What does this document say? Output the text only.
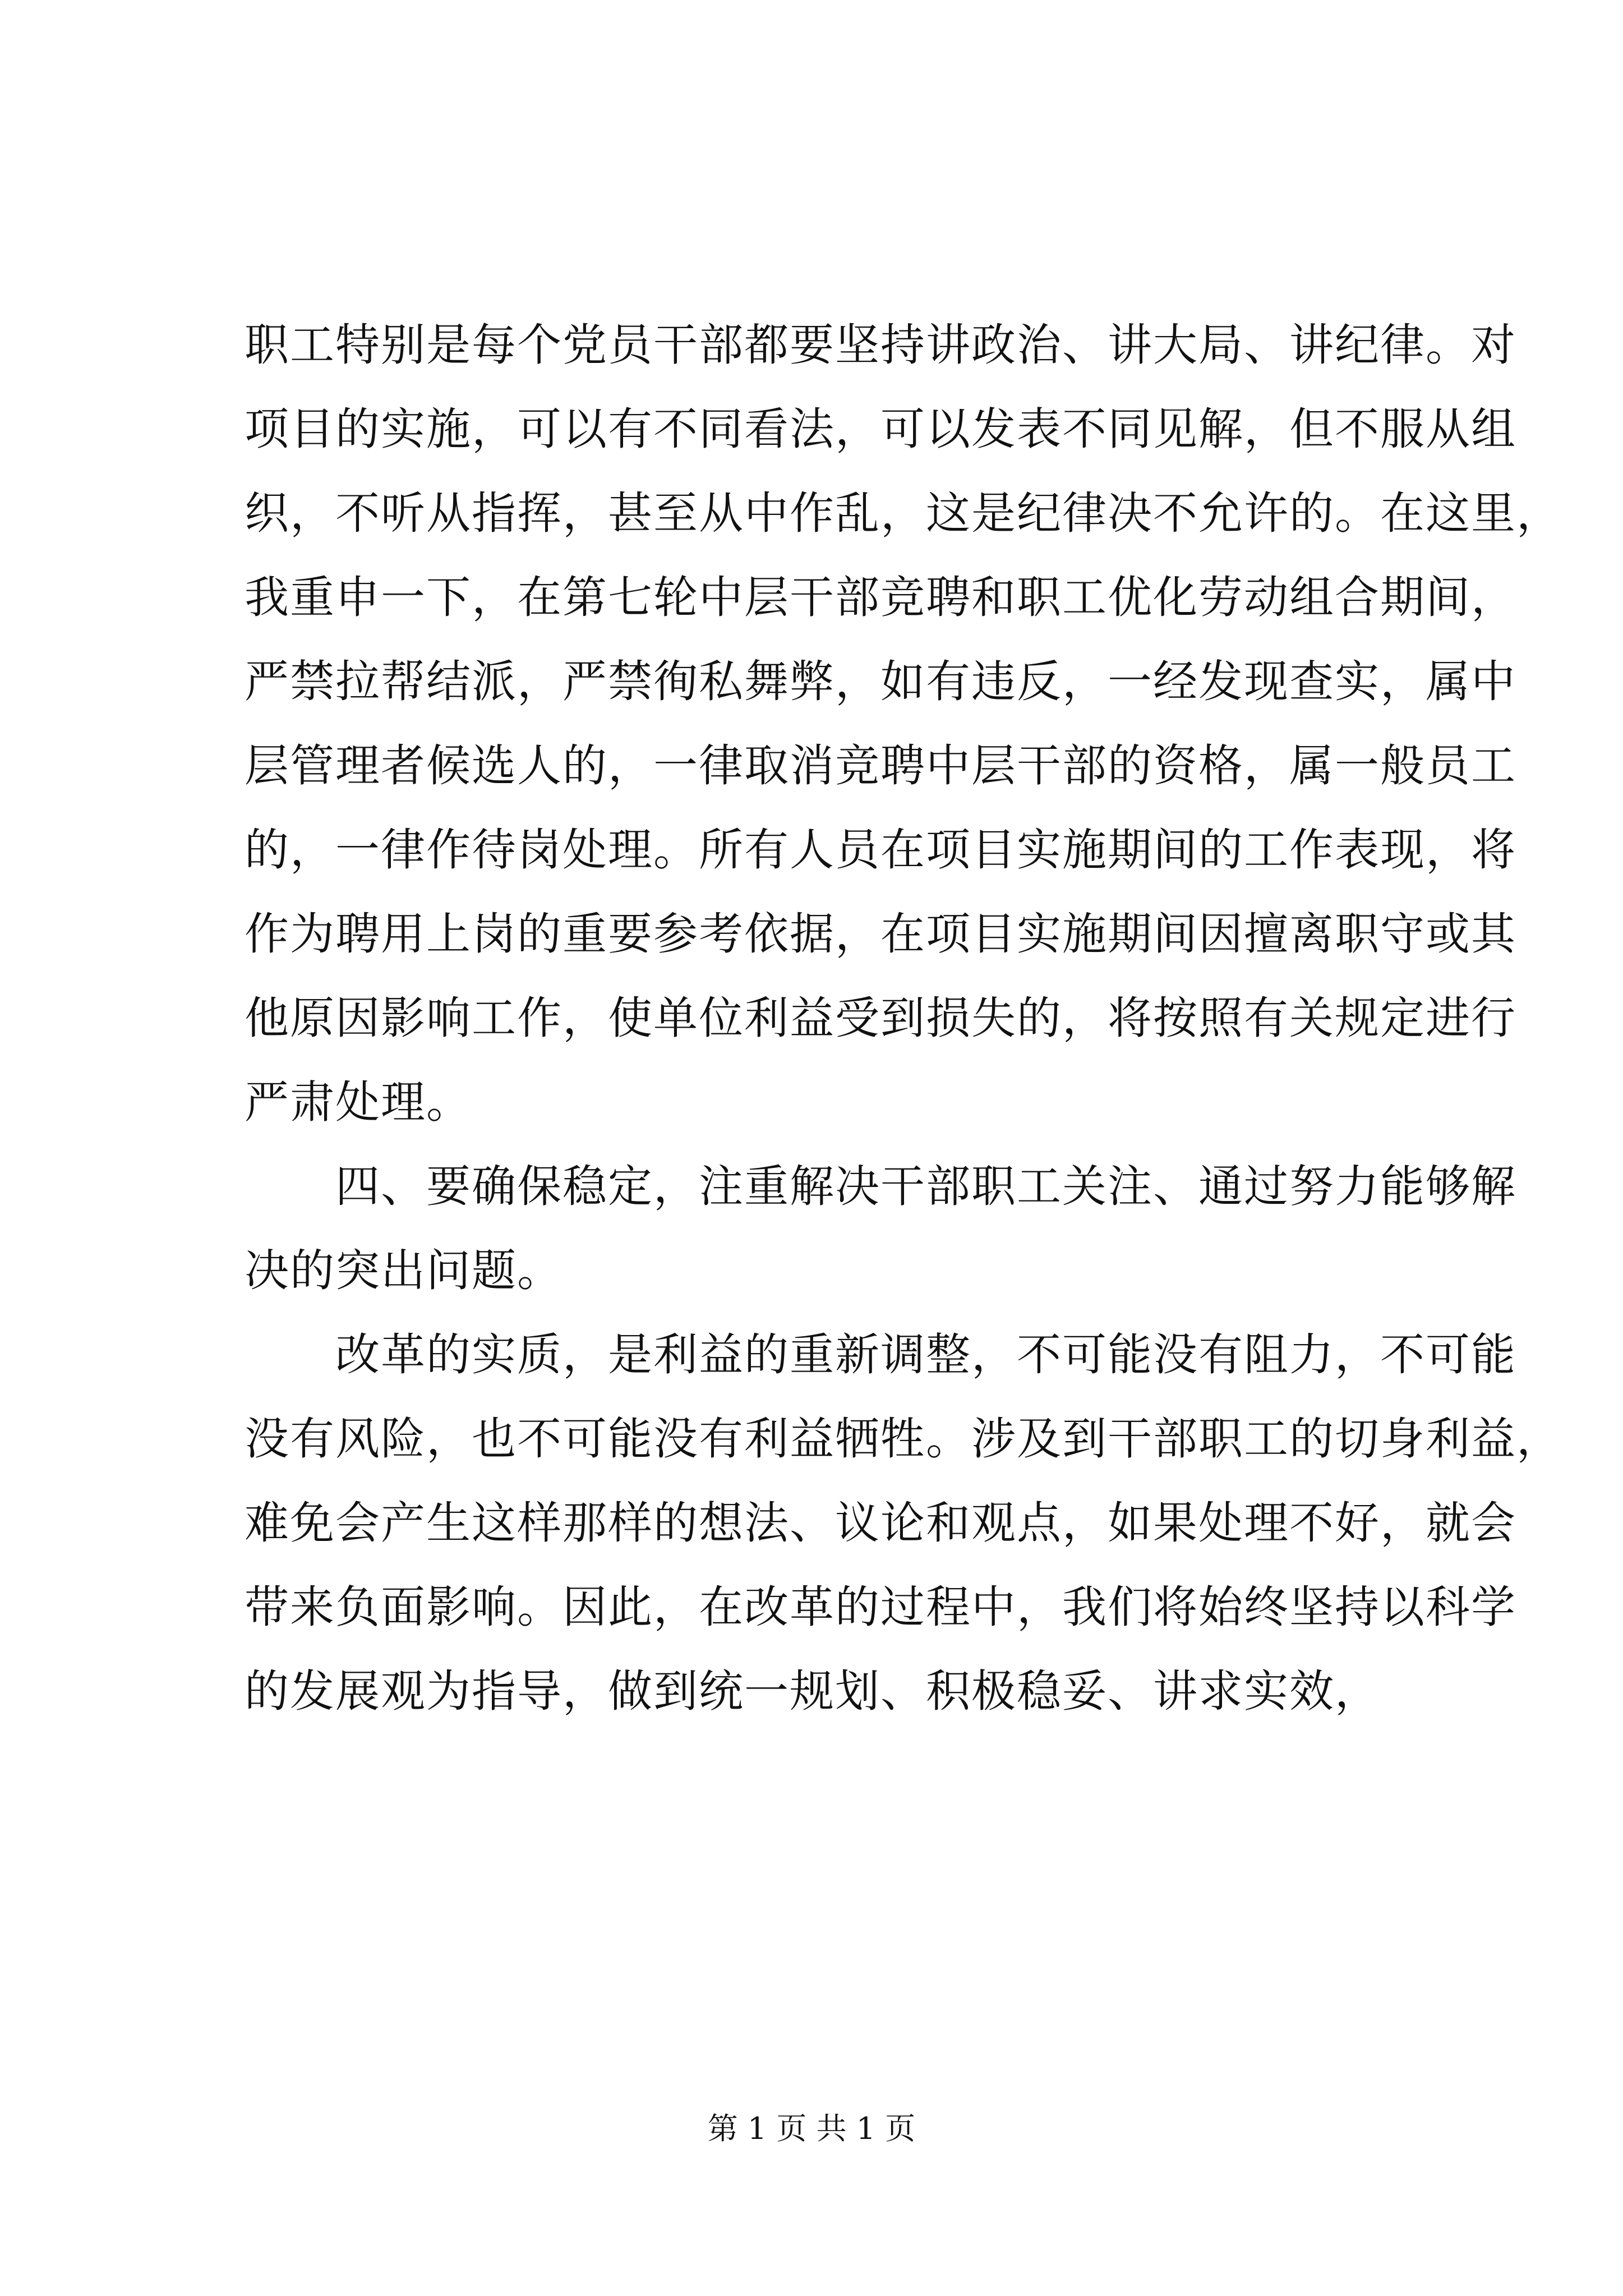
职工特别是每个党员干部都要坚持讲政治、讲大局、讲纪律。对
项目的实施，可以有不同看法，可以发表不同见解，但不服从组
织，不听从指挥，甚至从中作乱，这是纪律决不允许的。在这里，
我重申一下，在第七轮中层干部竞聘和职工优化劳动组合期间，
严禁拉帮结派，严禁徇私舞弊，如有违反，一经发现查实，属中
层管理者候选人的，一律取消竞聘中层干部的资格，属一般员工
的，一律作待岗处理。所有人员在项目实施期间的工作表现，将
作为聘用上岗的重要参考依据，在项目实施期间因擅离职守或其
他原因影响工作，使单位利益受到损失的，将按照有关规定进行
严肃处理。
　　四、要确保稳定，注重解决干部职工关注、通过努力能够解
决的突出问题。
　　改革的实质，是利益的重新调整，不可能没有阻力，不可能
没有风险，也不可能没有利益牺牲。涉及到干部职工的切身利益，
难免会产生这样那样的想法、议论和观点，如果处理不好，就会
带来负面影响。因此，在改革的过程中，我们将始终坚持以科学
的发展观为指导，做到统一规划、积极稳妥、讲求实效，
第 1 页 共 1 页
